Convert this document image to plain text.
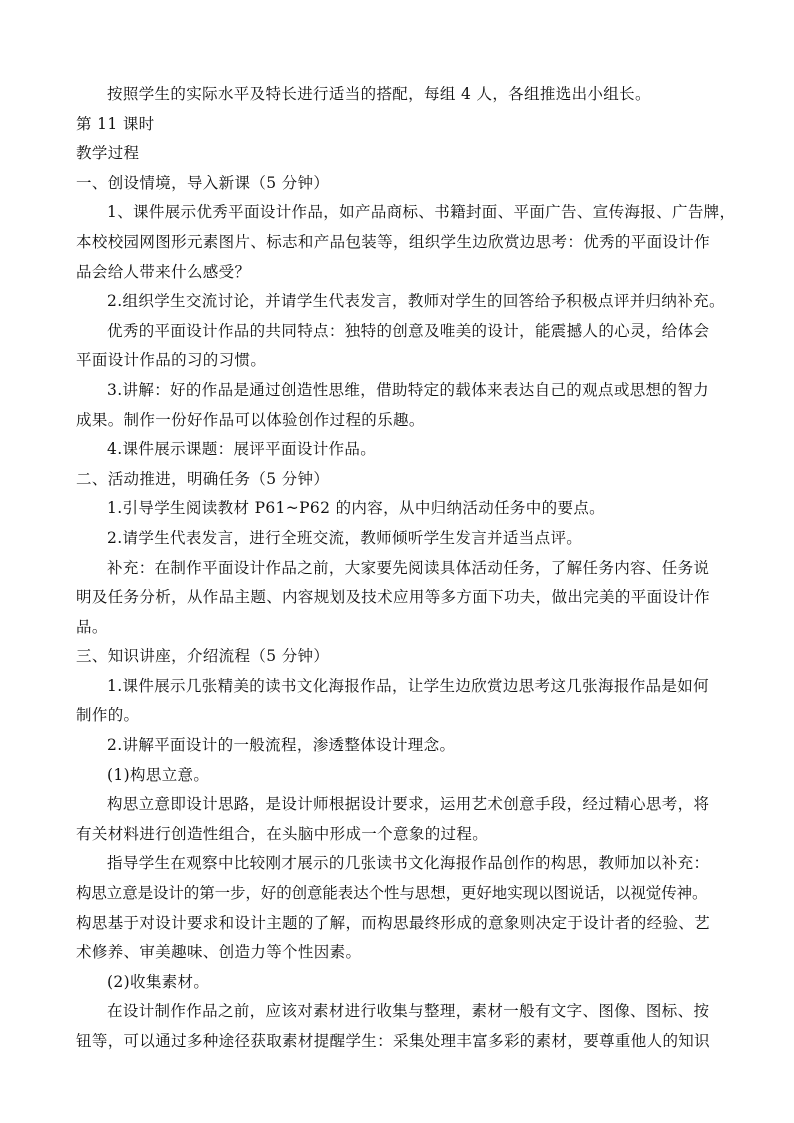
按照学生的实际水平及特长进行适当的搭配，每组 4 人，各组推选出小组长。
第 11 课时
教学过程
一、创设情境，导入新课（5 分钟）
1、课件展示优秀平面设计作品，如产品商标、书籍封面、平面广告、宣传海报、广告牌，
本校校园网图形元素图片、标志和产品包装等，组织学生边欣赏边思考：优秀的平面设计作
品会给人带来什么感受？
2.组织学生交流讨论，并请学生代表发言，教师对学生的回答给予积极点评并归纳补充。
优秀的平面设计作品的共同特点：独特的创意及唯美的设计，能震撼人的心灵，给体会
平面设计作品的习的习惯。
3.讲解：好的作品是通过创造性思维，借助特定的载体来表达自己的观点或思想的智力
成果。制作一份好作品可以体验创作过程的乐趣。
4.课件展示课题：展评平面设计作品。
二、活动推进，明确任务（5 分钟）
1.引导学生阅读教材 P61~P62 的内容，从中归纳活动任务中的要点。
2.请学生代表发言，进行全班交流，教师倾听学生发言并适当点评。
补充：在制作平面设计作品之前，大家要先阅读具体活动任务，了解任务内容、任务说
明及任务分析，从作品主题、内容规划及技术应用等多方面下功夫，做出完美的平面设计作
品。
三、知识讲座，介绍流程（5 分钟）
1.课件展示几张精美的读书文化海报作品，让学生边欣赏边思考这几张海报作品是如何
制作的。
2.讲解平面设计的一般流程，渗透整体设计理念。
(1)构思立意。
构思立意即设计思路，是设计师根据设计要求，运用艺术创意手段，经过精心思考，将
有关材料进行创造性组合，在头脑中形成一个意象的过程。
指导学生在观察中比较刚才展示的几张读书文化海报作品创作的构思，教师加以补充：
构思立意是设计的第一步，好的创意能表达个性与思想，更好地实现以图说话，以视觉传神。
构思基于对设计要求和设计主题的了解，而构思最终形成的意象则决定于设计者的经验、艺
术修养、审美趣味、创造力等个性因素。
(2)收集素材。
在设计制作作品之前，应该对素材进行收集与整理，素材一般有文字、图像、图标、按
钮等，可以通过多种途径获取素材提醒学生：采集处理丰富多彩的素材，要尊重他人的知识
